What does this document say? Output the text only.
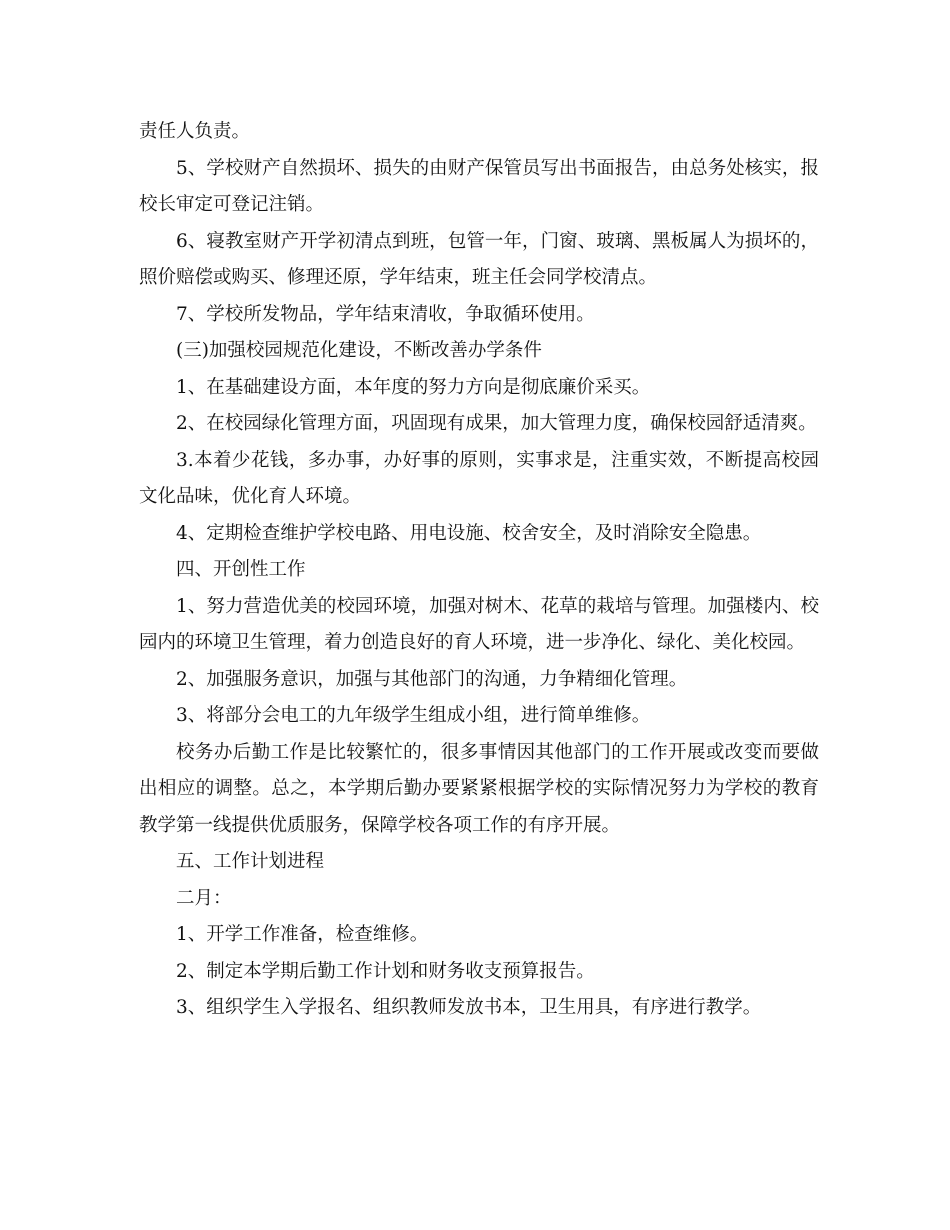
责任人负责。

5、学校财产自然损坏、损失的由财产保管员写出书面报告，由总务处核实，报校长审定可登记注销。

6、寝教室财产开学初清点到班，包管一年，门窗、玻璃、黑板属人为损坏的，照价赔偿或购买、修理还原，学年结束，班主任会同学校清点。

7、学校所发物品，学年结束清收，争取循环使用。

(三)加强校园规范化建设，不断改善办学条件

1、在基础建设方面，本年度的努力方向是彻底廉价采买。

2、在校园绿化管理方面，巩固现有成果，加大管理力度，确保校园舒适清爽。

3.本着少花钱，多办事，办好事的原则，实事求是，注重实效，不断提高校园文化品味，优化育人环境。

4、定期检查维护学校电路、用电设施、校舍安全，及时消除安全隐患。

四、开创性工作

1、努力营造优美的校园环境，加强对树木、花草的栽培与管理。加强楼内、校园内的环境卫生管理，着力创造良好的育人环境，进一步净化、绿化、美化校园。

2、加强服务意识，加强与其他部门的沟通，力争精细化管理。

3、将部分会电工的九年级学生组成小组，进行简单维修。

校务办后勤工作是比较繁忙的，很多事情因其他部门的工作开展或改变而要做出相应的调整。总之，本学期后勤办要紧紧根据学校的实际情况努力为学校的教育教学第一线提供优质服务，保障学校各项工作的有序开展。

五、工作计划进程

二月：

1、开学工作准备，检查维修。

2、制定本学期后勤工作计划和财务收支预算报告。

3、组织学生入学报名、组织教师发放书本，卫生用具，有序进行教学。
